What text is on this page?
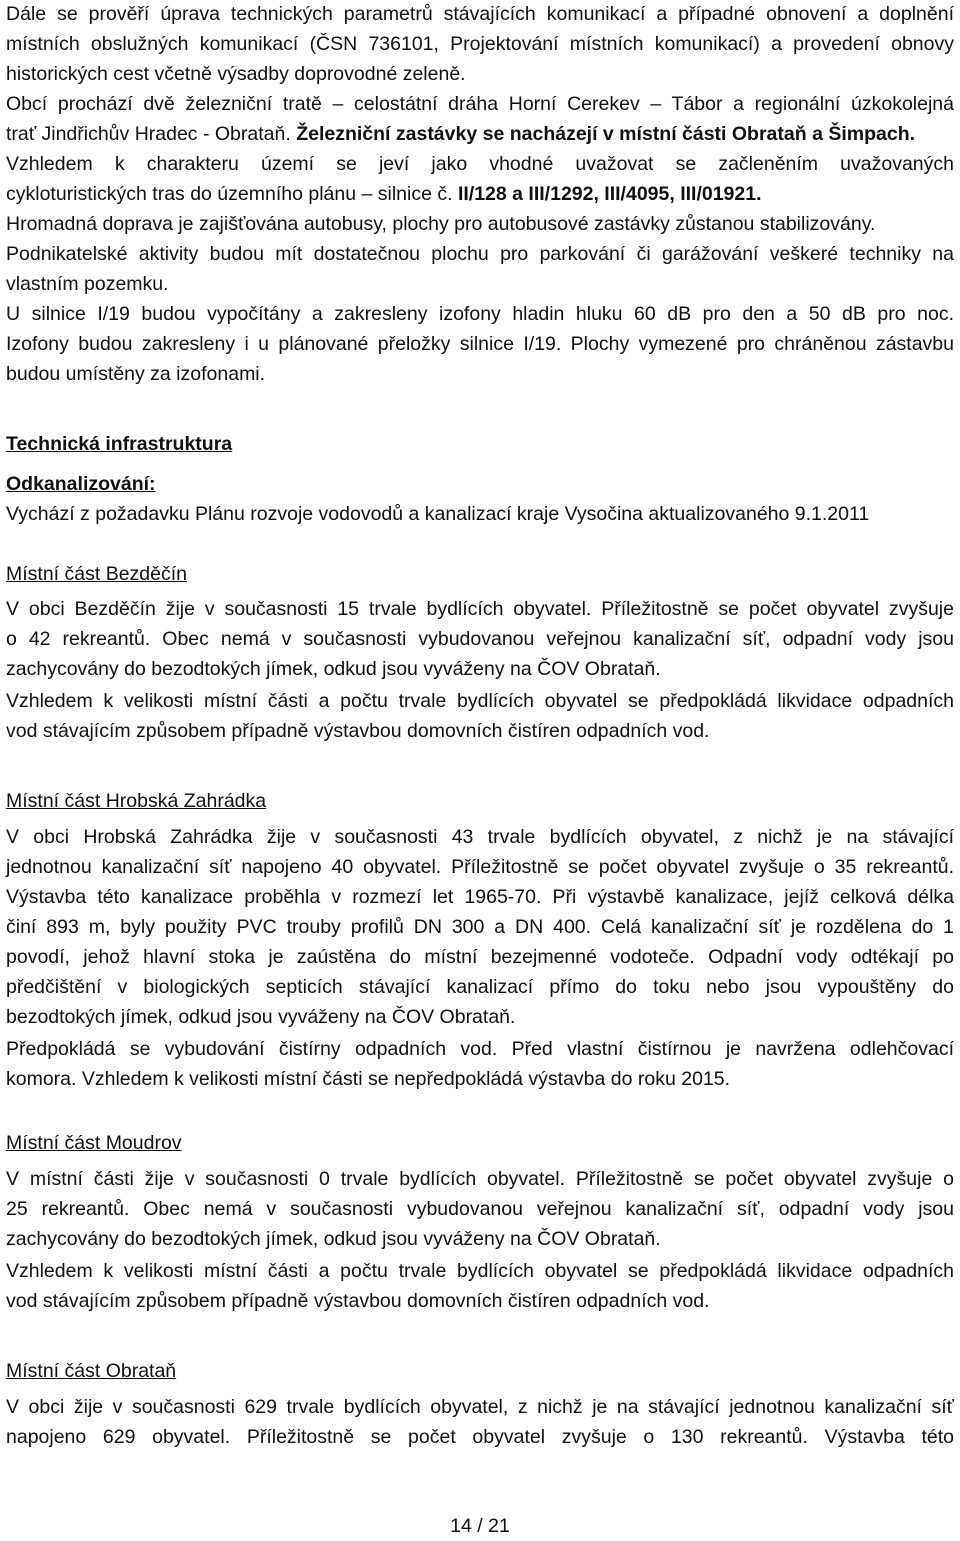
Dále se prověří úprava technických parametrů stávajících komunikací a případné obnovení a doplnění
místních obslužných komunikací (ČSN 736101, Projektování místních komunikací) a provedení obnovy
historických cest včetně výsadby doprovodné zeleně.
Obcí prochází dvě železniční tratě – celostátní dráha Horní Cerekev – Tábor a regionální úzkokolejná
trať Jindřichův Hradec - Obrataň. Železniční zastávky se nacházejí v místní části Obrataň a Šimpach.
Vzhledem k charakteru území se jeví jako vhodné uvažovat se začleněním uvažovaných
cykloturistických tras do územního plánu – silnice č. II/128 a III/1292, III/4095, III/01921.
Hromadná doprava je zajišťována autobusy, plochy pro autobusové zastávky zůstanou stabilizovány.
Podnikatelské aktivity budou mít dostatečnou plochu pro parkování či garážování veškeré techniky na
vlastním pozemku.
U silnice I/19 budou vypočítány a zakresleny izofony hladin hluku 60 dB pro den a 50 dB pro noc.
Izofony budou zakresleny i u plánované přeložky silnice I/19. Plochy vymezené pro chráněnou zástavbu
budou umístěny za izofonami.
Technická infrastruktura
Odkanalizování:
Vychází z požadavku Plánu rozvoje vodovodů a kanalizací kraje Vysočina aktualizovaného 9.1.2011
Místní část Bezděčín
V obci Bezděčín žije v současnosti 15 trvale bydlících obyvatel. Příležitostně se počet obyvatel zvyšuje
o 42 rekreantů. Obec nemá v současnosti vybudovanou veřejnou kanalizační síť, odpadní vody jsou
zachycovány do bezodtokých jímek, odkud jsou vyváženy na ČOV Obrataň.
Vzhledem k velikosti místní části a počtu trvale bydlících obyvatel se předpokládá likvidace odpadních
vod stávajícím způsobem případně výstavbou domovních čistíren odpadních vod.
Místní část Hrobská Zahrádka
V obci Hrobská Zahrádka žije v současnosti 43 trvale bydlících obyvatel, z nichž je na stávající
jednotnou kanalizační síť napojeno 40 obyvatel. Příležitostně se počet obyvatel zvyšuje o 35 rekreantů.
Výstavba této kanalizace proběhla v rozmezí let 1965-70. Při výstavbě kanalizace, jejíž celková délka
činí 893 m, byly použity PVC trouby profilů DN 300 a DN 400. Celá kanalizační síť je rozdělena do 1
povodí, jehož hlavní stoka je zaústěna do místní bezejmenné vodoteče. Odpadní vody odtékají po
předčištění v biologických septicích stávající kanalizací přímo do toku nebo jsou vypouštěny do
bezodtokých jímek, odkud jsou vyváženy na ČOV Obrataň.
Předpokládá se vybudování čistírny odpadních vod. Před vlastní čistírnou je navržena odlehčovací
komora. Vzhledem k velikosti místní části se nepředpokládá výstavba do roku 2015.
Místní část Moudrov
V místní části žije v současnosti 0 trvale bydlících obyvatel. Příležitostně se počet obyvatel zvyšuje o
25 rekreantů. Obec nemá v současnosti vybudovanou veřejnou kanalizační síť, odpadní vody jsou
zachycovány do bezodtokých jímek, odkud jsou vyváženy na ČOV Obrataň.
Vzhledem k velikosti místní části a počtu trvale bydlících obyvatel se předpokládá likvidace odpadních
vod stávajícím způsobem případně výstavbou domovních čistíren odpadních vod.
Místní část Obrataň
V obci žije v současnosti 629 trvale bydlících obyvatel, z nichž je na stávající jednotnou kanalizační síť
napojeno 629 obyvatel. Příležitostně se počet obyvatel zvyšuje o 130 rekreantů. Výstavba této
14 / 21
